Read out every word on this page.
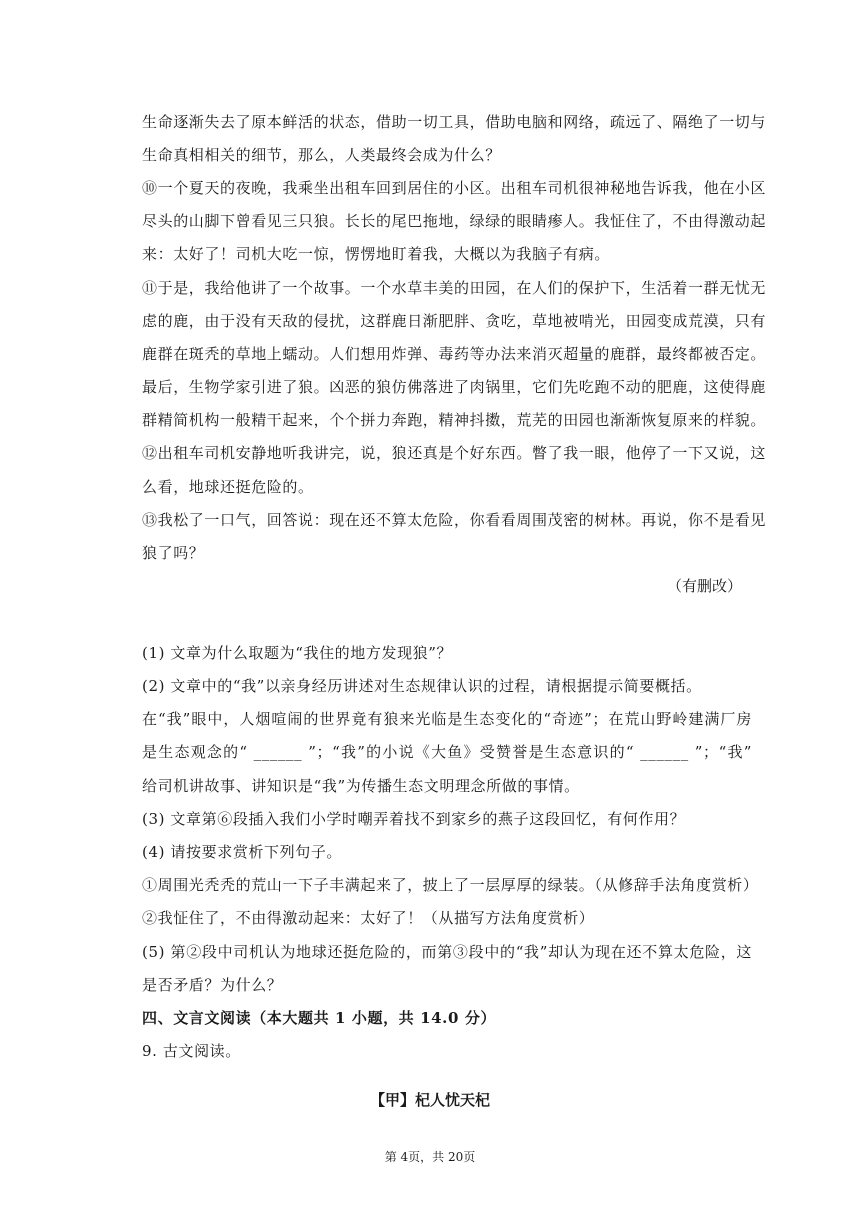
生命逐渐失去了原本鲜活的状态，借助一切工具，借助电脑和网络，疏远了、隔绝了一切与
生命真相相关的细节，那么，人类最终会成为什么？
⑩一个夏天的夜晚，我乘坐出租车回到居住的小区。出租车司机很神秘地告诉我，他在小区
尽头的山脚下曾看见三只狼。长长的尾巴拖地，绿绿的眼睛瘆人。我怔住了，不由得激动起
来：太好了！司机大吃一惊，愣愣地盯着我，大概以为我脑子有病。
⑪于是，我给他讲了一个故事。一个水草丰美的田园，在人们的保护下，生活着一群无忧无
虑的鹿，由于没有天敌的侵扰，这群鹿日渐肥胖、贪吃，草地被啃光，田园变成荒漠，只有
鹿群在斑秃的草地上蠕动。人们想用炸弹、毒药等办法来消灭超量的鹿群，最终都被否定。
最后，生物学家引进了狼。凶恶的狼仿佛落进了肉锅里，它们先吃跑不动的肥鹿，这使得鹿
群精简机构一般精干起来，个个拼力奔跑，精神抖擞，荒芜的田园也渐渐恢复原来的样貌。
⑫出租车司机安静地听我讲完，说，狼还真是个好东西。瞥了我一眼，他停了一下又说，这
么看，地球还挺危险的。
⑬我松了一口气，回答说：现在还不算太危险，你看看周围茂密的树林。再说，你不是看见
狼了吗？
（有删改）
(1) 文章为什么取题为“我住的地方发现狼”？
(2) 文章中的“我”以亲身经历讲述对生态规律认识的过程，请根据提示简要概括。
在“我”眼中，人烟喧闹的世界竟有狼来光临是生态变化的“奇迹”；在荒山野岭建满厂房
是生态观念的“ ______ ”；“我”的小说《大鱼》受赞誉是生态意识的“ ______ ”；“我”
给司机讲故事、讲知识是“我”为传播生态文明理念所做的事情。
(3) 文章第⑥段插入我们小学时嘲弄着找不到家乡的燕子这段回忆，有何作用？
(4) 请按要求赏析下列句子。
①周围光秃秃的荒山一下子丰满起来了，披上了一层厚厚的绿装。（从修辞手法角度赏析）
②我怔住了，不由得激动起来：太好了！（从描写方法角度赏析）
(5) 第②段中司机认为地球还挺危险的，而第③段中的“我”却认为现在还不算太危险，这
是否矛盾？为什么？
四、文言文阅读（本大题共 1 小题，共 14.0 分）
9. 古文阅读。
【甲】杞人忧天杞
第 4页，共 20页
